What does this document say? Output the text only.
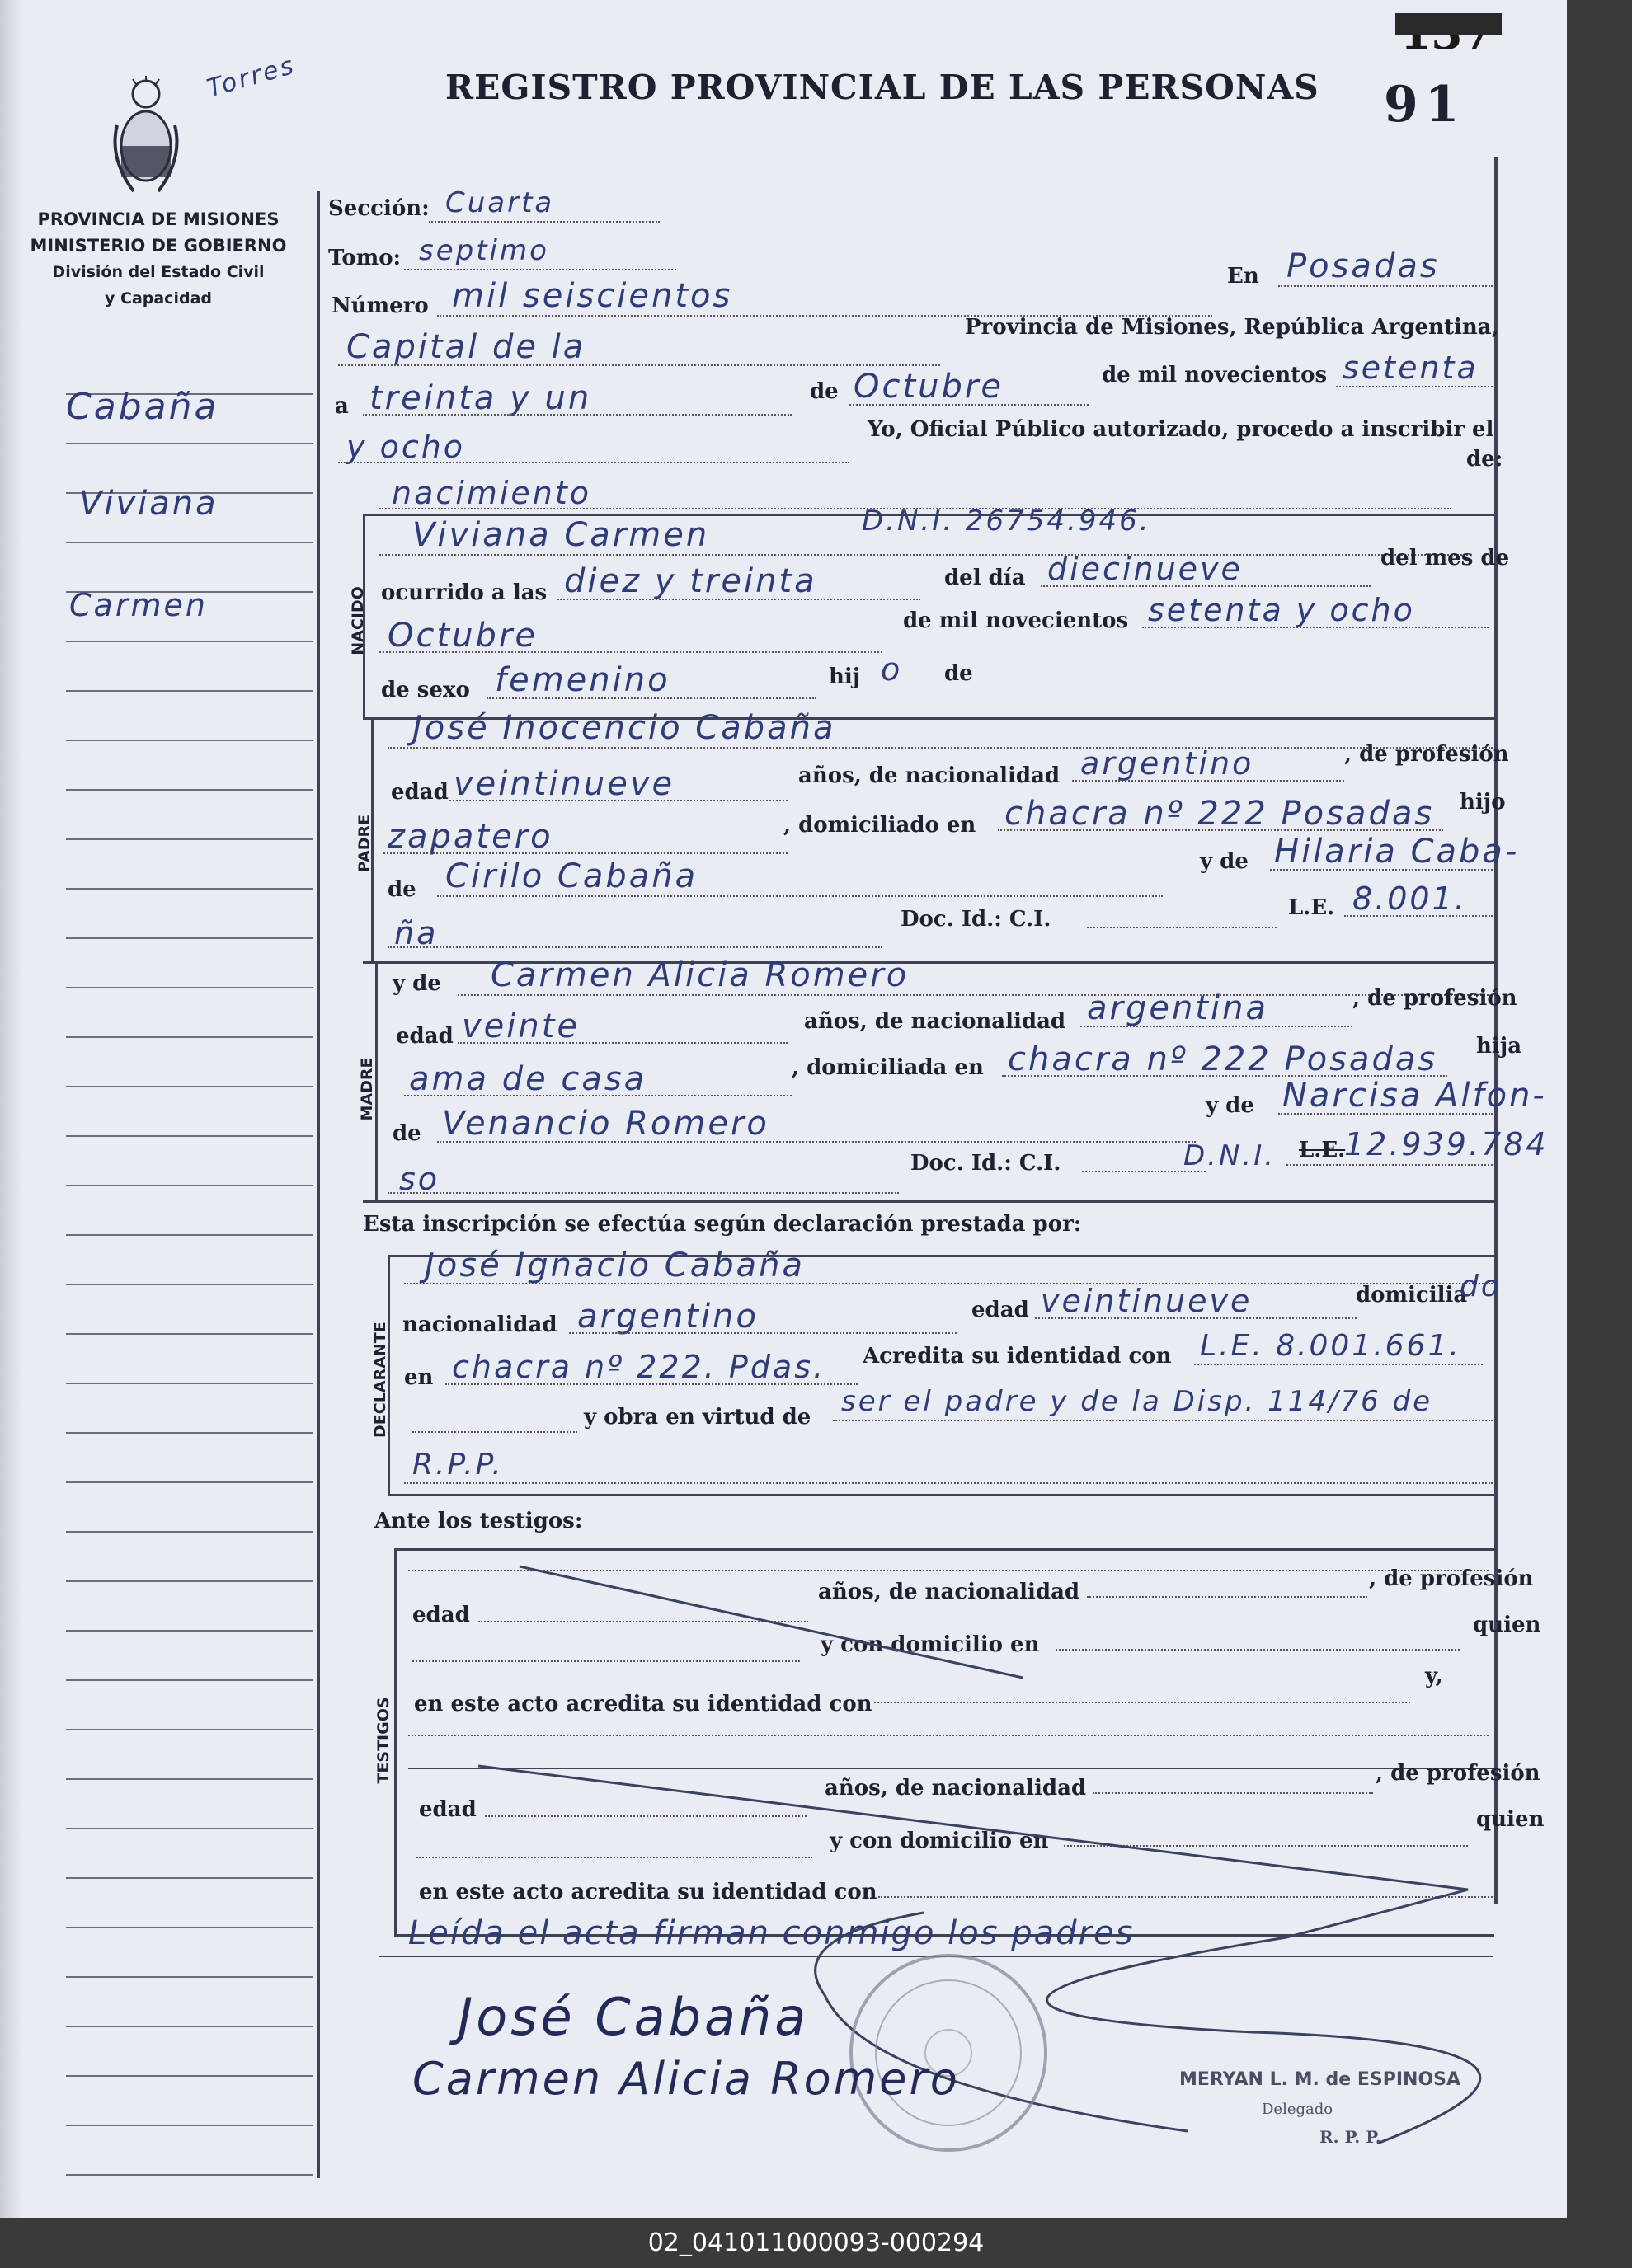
Torres	REGISTRO PROVINCIAL DE LAS PERSONAS 91
PROVINCIA DE MISIONES
MINISTERIO DE GOBIERNO
División del Estado Civil
y Capacidad
Cabaña
Viviana
Carmen
Sección: Cuarta
Tomo: septimo
Número mil seiscientos
En Posadas
Capital de la
Provincia de Misiones, República Argentina,
a treinta y un	de Octubre	de mil novecientos setenta
y ocho	Yo, Oficial Público autorizado, procedo a inscribir el
nacimiento
de:
NACIDO
Viviana Carmen	D.N.I. 26754.946.
ocurrido a las diez y treinta	del día diecinueve	del mes de
Octubre	de mil novecientos setenta y ocho
de sexo femenino	hij o de
PADRE
José Inocencio Cabaña
edad veintinueve	años, de nacionalidad argentino	, de profesión
zapatero	, domiciliado en chacra nº 222 Posadas hijo
de Cirilo Cabaña	y de Hilaria Caba-
ña	Doc. Id.: C.I.	L.E. 8.001.
MADRE
y de Carmen Alicia Romero
edad veinte	años, de nacionalidad argentina	, de profesión
ama de casa	, domiciliada en chacra nº 222 Posadas hija
de Venancio Romero	y de Narcisa Alfon-
so	Doc. Id.: C.I.	D.N.I. L.E.
12.939.784
Esta inscripción se efectúa según declaración prestada por:
DECLARANTE
José Ignacio Cabaña
nacionalidad argentino	edad veintinueve	domicilia
do
en chacra nº 222. Pdas. Acredita su identidad con L.E. 8.001.661.
y obra en virtud de ser el padre y de la Disp. 114/76 de
R.P.P.
Ante los testigos:
TESTIGOS
edad
años, de nacionalidad
, de profesión
y con domicilio en
quien
en este acto acredita su identidad con
y,
edad
años, de nacionalidad
, de profesión
y con domicilio en
quien
en este acto acredita su identidad con
Leída el acta firman conmigo los padres
José Cabaña
Carmen Alicia Romero	MERYAN L. M. de ESPINOSA
Delegado
R. P. P.
02_041011000093-000294
